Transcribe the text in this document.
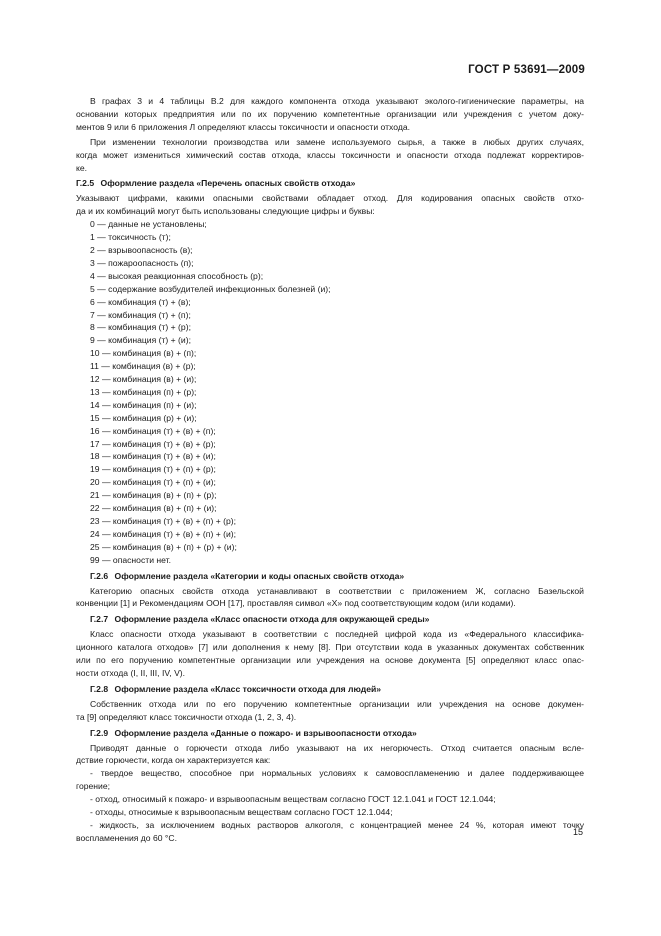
ГОСТ Р 53691—2009
В графах 3 и 4 таблицы В.2 для каждого компонента отхода указывают эколого-гигиенические параметры, на
основании которых предприятия или по их поручению компетентные организации или учреждения с учетом доку-
ментов 9 или 6 приложения Л определяют классы токсичности и опасности отхода.
При изменении технологии производства или замене используемого сырья, а также в любых других случаях,
когда может измениться химический состав отхода, классы токсичности и опасности отхода подлежат корректиров-
ке.
Г.2.5 Оформление раздела «Перечень опасных свойств отхода»
Указывают цифрами, какими опасными свойствами обладает отход. Для кодирования опасных свойств отхо-
да и их комбинаций могут быть использованы следующие цифры и буквы:
0 — данные не установлены;
1 — токсичность (т);
2 — взрывоопасность (в);
3 — пожароопасность (п);
4 — высокая реакционная способность (р);
5 — содержание возбудителей инфекционных болезней (и);
6 — комбинация (т) + (в);
7 — комбинация (т) + (п);
8 — комбинация (т) + (р);
9 — комбинация (т) + (и);
10 — комбинация (в) + (п);
11 — комбинация (в) + (р);
12 — комбинация (в) + (и);
13 — комбинация (п) + (р);
14 — комбинация (п) + (и);
15 — комбинация (р) + (и);
16 — комбинация (т) + (в) + (п);
17 — комбинация (т) + (в) + (р);
18 — комбинация (т) + (в) + (и);
19 — комбинация (т) + (п) + (р);
20 — комбинация (т) + (п) + (и);
21 — комбинация (в) + (п) + (р);
22 — комбинация (в) + (п) + (и);
23 — комбинация (т) + (в) + (п) + (р);
24 — комбинация (т) + (в) + (п) + (и);
25 — комбинация (в) + (п) + (р) + (и);
99 — опасности нет.
Г.2.6 Оформление раздела «Категории и коды опасных свойств отхода»
Категорию опасных свойств отхода устанавливают в соответствии с приложением Ж, согласно Базельской
конвенции [1] и Рекомендациям ООН [17], проставляя символ «Х» под соответствующим кодом (или кодами).
Г.2.7 Оформление раздела «Класс опасности отхода для окружающей среды»
Класс опасности отхода указывают в соответствии с последней цифрой кода из «Федерального классифика-
ционного каталога отходов» [7] или дополнения к нему [8]. При отсутствии кода в указанных документах собственник
или по его поручению компетентные организации или учреждения на основе документа [5] определяют класс опас-
ности отхода (I, II, III, IV, V).
Г.2.8 Оформление раздела «Класс токсичности отхода для людей»
Собственник отхода или по его поручению компетентные организации или учреждения на основе докумен-
та [9] определяют класс токсичности отхода (1, 2, 3, 4).
Г.2.9 Оформление раздела «Данные о пожаро- и взрывоопасности отхода»
Приводят данные о горючести отхода либо указывают на их негорючесть. Отход считается опасным вслe-
дствие горючести, когда он характеризуется как:
- твердое вещество, способное при нормальных условиях к самовоспламенению и далее поддерживающее
горение;
- отход, относимый к пожаро- и взрывоопасным веществам согласно ГОСТ 12.1.041 и ГОСТ 12.1.044;
- отходы, относимые к взрывоопасным веществам согласно ГОСТ 12.1.044;
- жидкость, за исключением водных растворов алкоголя, с концентрацией менее 24 %, которая имеют точку
воспламенения до 60 °C.
15
